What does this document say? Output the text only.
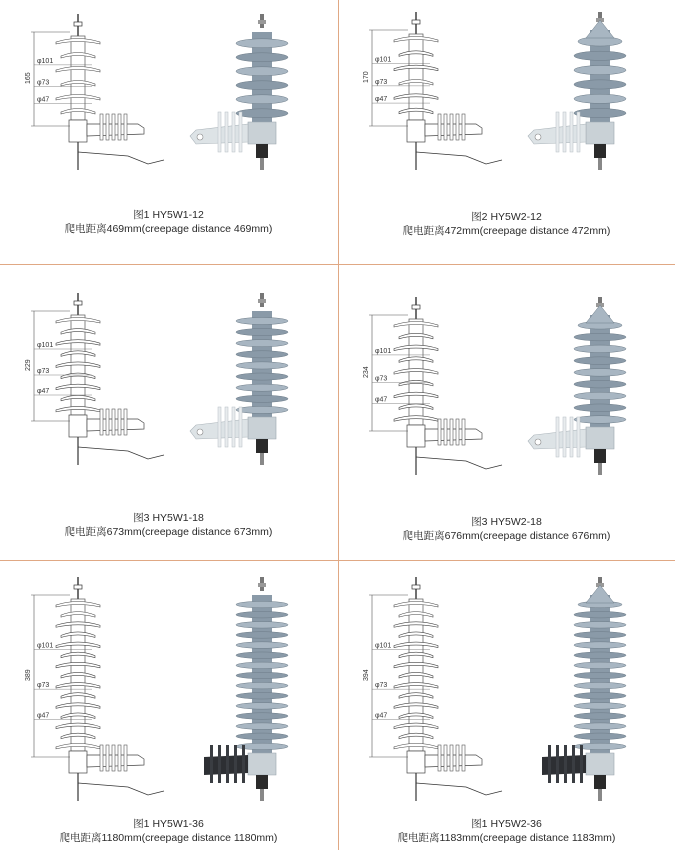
165
φ101
φ73
φ47
图1 HY5W1-12
爬电距离469mm(creepage distance 469mm)
170
φ101
φ73
φ47
图2 HY5W2-12
爬电距离472mm(creepage distance 472mm)
229
φ101
φ73
φ47
图3 HY5W1-18
爬电距离673mm(creepage distance 673mm)
234
φ101
φ73
φ47
图3 HY5W2-18
爬电距离676mm(creepage distance 676mm)
389
φ101
φ73
φ47
图1 HY5W1-36
爬电距离1180mm(creepage distance 1180mm)
394
φ101
φ73
φ47
图1 HY5W2-36
爬电距离1183mm(creepage distance 1183mm)
